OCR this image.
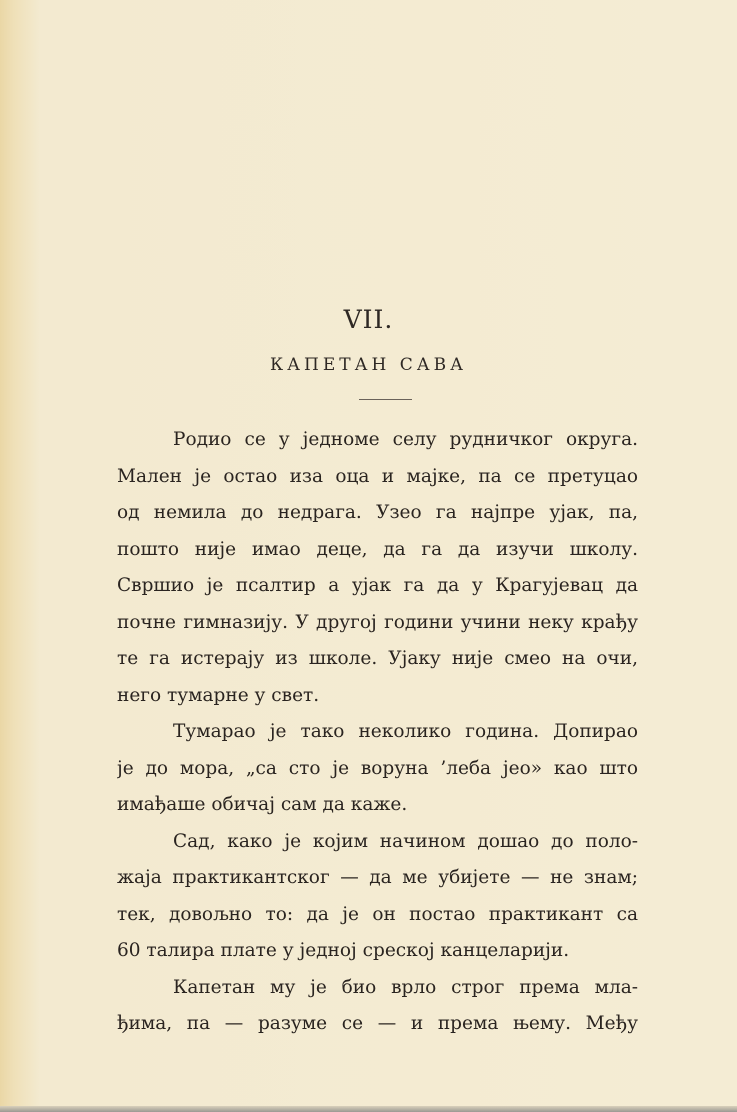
VII.
КАПЕТАН САВА
Родио се у једноме селу рудничког округа.
Мален је остао иза оца и мајке, па се претуцао
од немила до недрага. Узео га најпре ујак, па,
пошто није имао деце, да га да изучи школу.
Свршио је псалтир а ујак га да у Крагујевац да
почне гимназију. У другој години учини неку крађу
те га истерају из школе. Ујаку није смео на очи,
него тумарне у свет.
Тумарао је тако неколико година. Допирао
је до мора, „са сто је воруна ’леба јео» као што
имађаше обичај сам да каже.
Сад, како је којим начином дошао до поло-
жаја практикантског — да ме убијете — не знам;
тек, довољно то: да је он постао практикант са
60 талира плате у једној среској канцеларији.
Капетан му је био врло строг према мла-
ђима, па — разуме се — и према њему. Међу
